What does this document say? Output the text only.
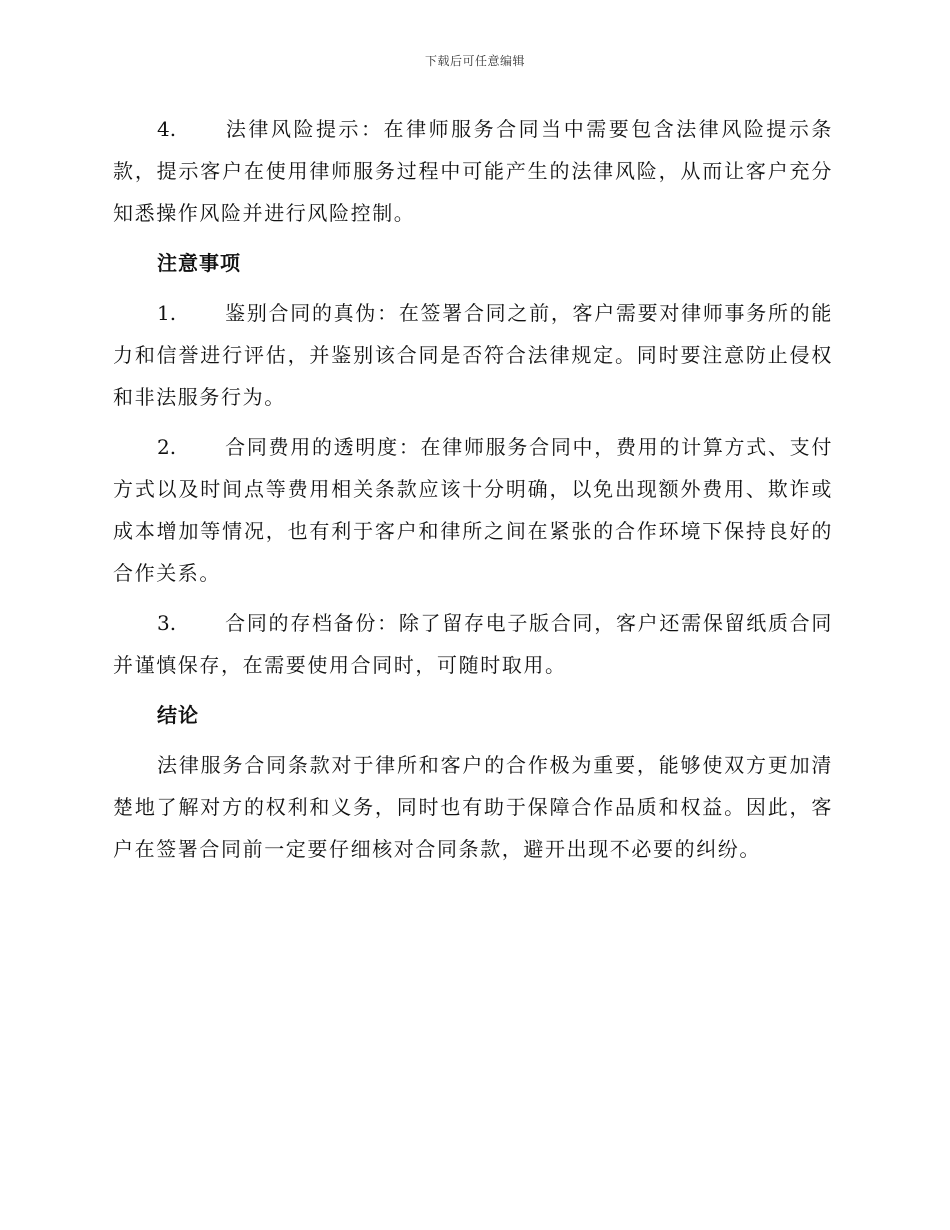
下载后可任意编辑

4. 法律风险提示：在律师服务合同当中需要包含法律风险提示条款，提示客户在使用律师服务过程中可能产生的法律风险，从而让客户充分知悉操作风险并进行风险控制。

注意事项

1. 鉴别合同的真伪：在签署合同之前，客户需要对律师事务所的能力和信誉进行评估，并鉴别该合同是否符合法律规定。同时要注意防止侵权和非法服务行为。

2. 合同费用的透明度：在律师服务合同中，费用的计算方式、支付方式以及时间点等费用相关条款应该十分明确，以免出现额外费用、欺诈或成本增加等情况，也有利于客户和律所之间在紧张的合作环境下保持良好的合作关系。

3. 合同的存档备份：除了留存电子版合同，客户还需保留纸质合同并谨慎保存，在需要使用合同时，可随时取用。

结论

法律服务合同条款对于律所和客户的合作极为重要，能够使双方更加清楚地了解对方的权利和义务，同时也有助于保障合作品质和权益。因此，客户在签署合同前一定要仔细核对合同条款，避开出现不必要的纠纷。
